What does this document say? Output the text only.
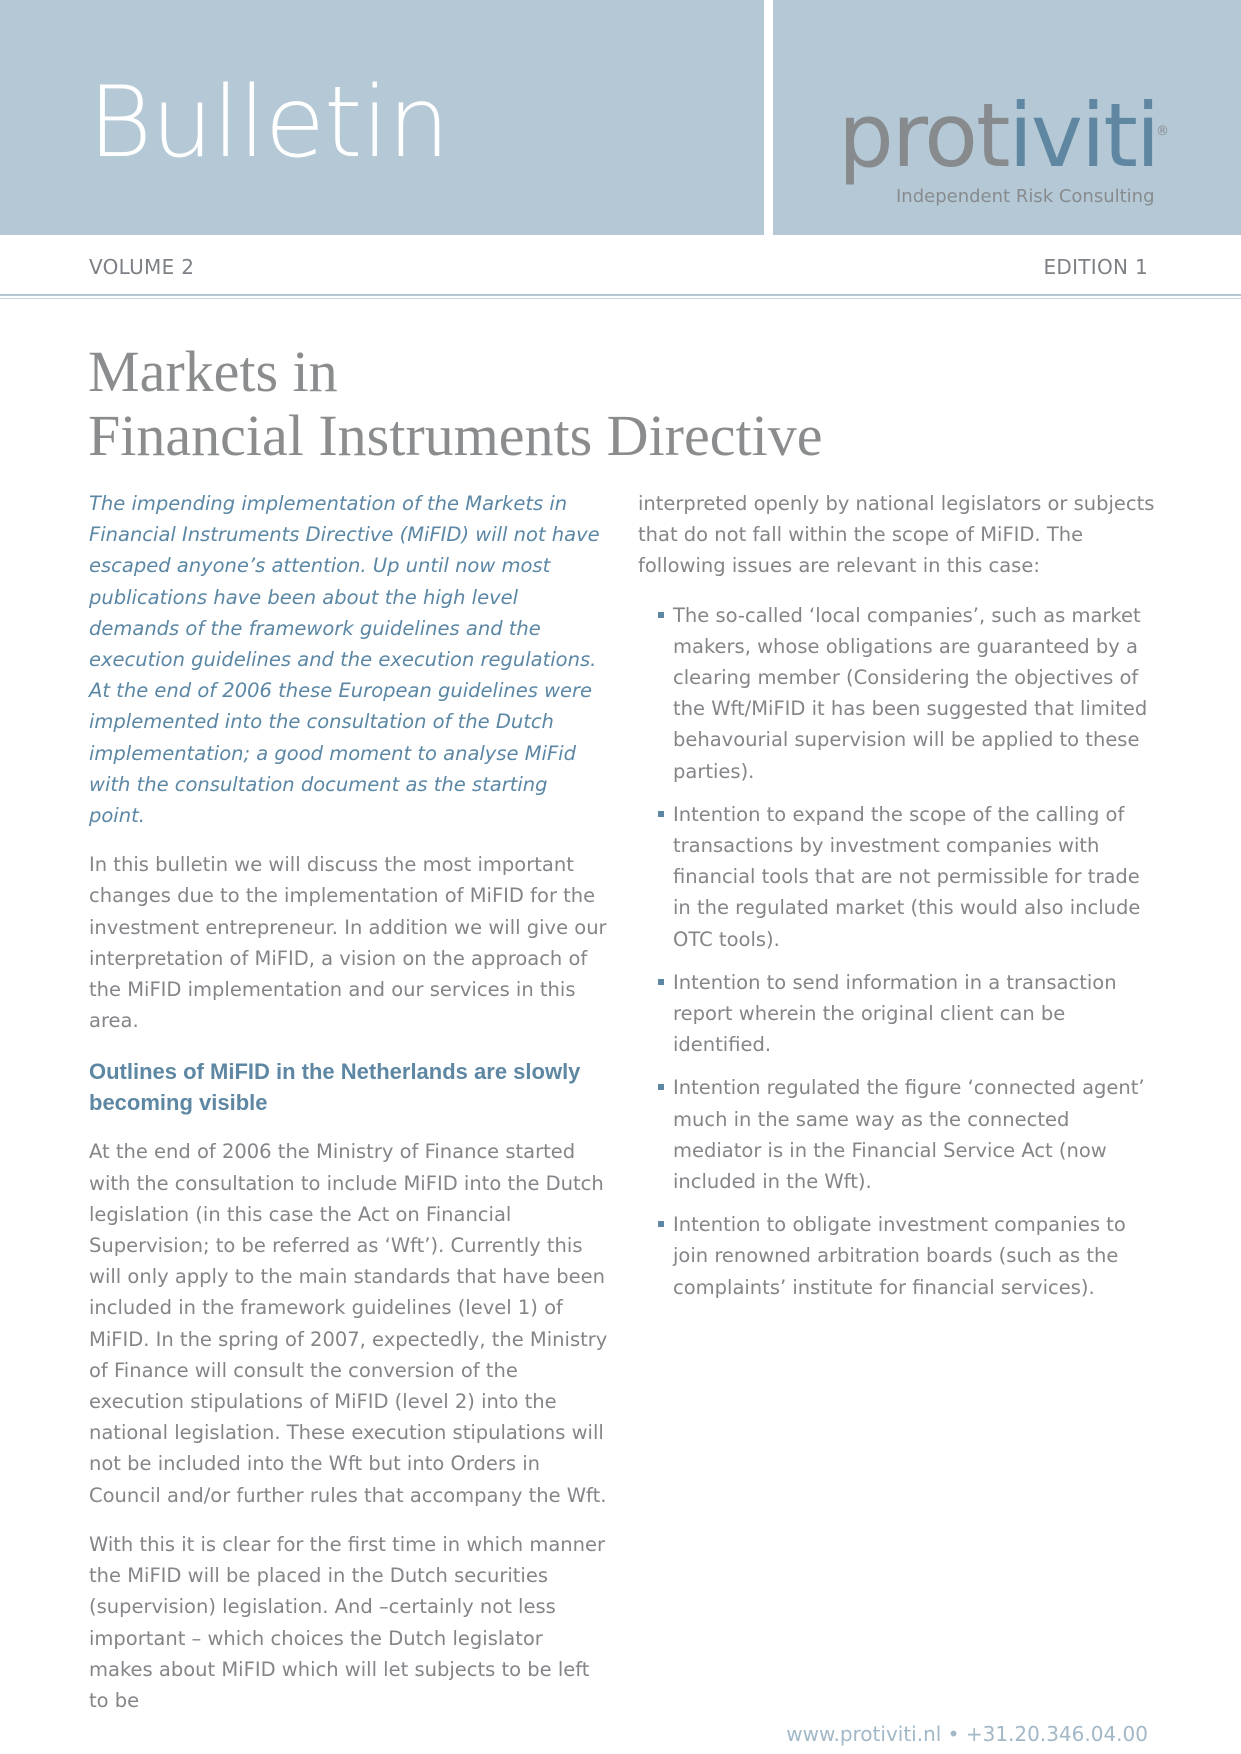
Bulletin	protiviti
®
Independent Risk Consulting
VOLUME 2	EDITION 1
Markets in
Financial Instruments Directive

The impending implementation of the Markets in Financial Instruments Directive (MiFID) will not have escaped anyone’s attention. Up until now most publications have been about the high level demands of the framework guidelines and the execution guidelines and the execution regulations. At the end of 2006 these European guidelines were implemented into the consultation of the Dutch implementation; a good moment to analyse MiFid with the consultation document as the starting point.

In this bulletin we will discuss the most important changes due to the implementation of MiFID for the investment entrepreneur. In addition we will give our interpretation of MiFID, a vision on the approach of the MiFID implementation and our services in this area.

Outlines of MiFID in the Netherlands are slowly becoming visible

At the end of 2006 the Ministry of Finance started with the consultation to include MiFID into the Dutch legislation (in this case the Act on Financial Supervision; to be referred as ‘Wft’). Currently this will only apply to the main standards that have been included in the framework guidelines (level 1) of MiFID. In the spring of 2007, expectedly, the Ministry of Finance will consult the conversion of the execution stipulations of MiFID (level 2) into the national legislation. These execution stipulations will not be included into the Wft but into Orders in Council and/or further rules that accompany the Wft.

With this it is clear for the first time in which manner the MiFID will be placed in the Dutch securities (supervision) legislation. And –certainly not less important – which choices the Dutch legislator makes about MiFID which will let subjects to be left to be

interpreted openly by national legislators or subjects that do not fall within the scope of MiFID. The following issues are relevant in this case:

The so-called ‘local companies’, such as market makers, whose obligations are guaranteed by a clearing member (Considering the objectives of the Wft/MiFID it has been suggested that limited behavourial supervision will be applied to these parties).
Intention to expand the scope of the calling of transactions by investment companies with financial tools that are not permissible for trade in the regulated market (this would also include OTC tools).
Intention to send information in a transaction report wherein the original client can be identified.
Intention regulated the figure ‘connected agent’ much in the same way as the connected mediator is in the Financial Service Act (now included in the Wft).
Intention to obligate investment companies to join renowned arbitration boards (such as the complaints’ institute for financial services).
www.protiviti.nl • +31.20.346.04.00
